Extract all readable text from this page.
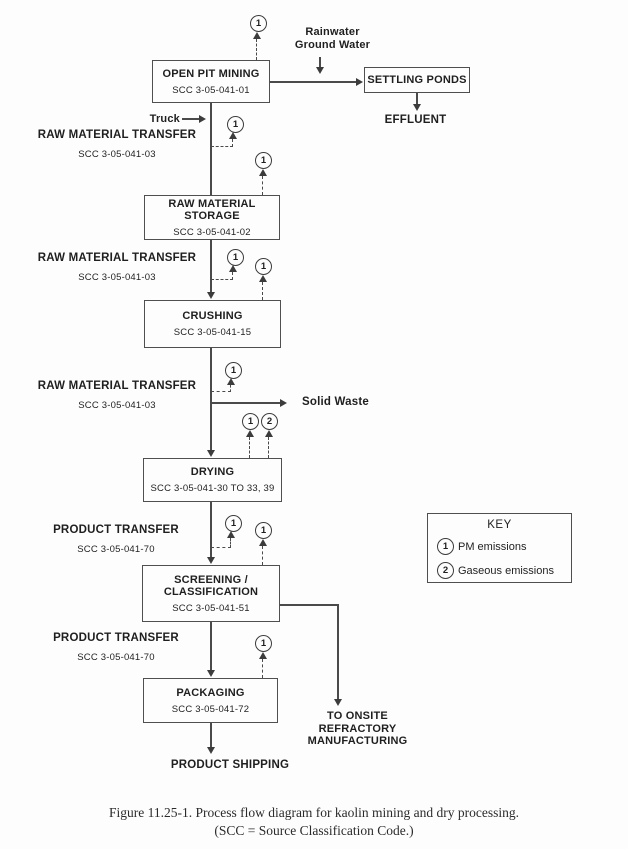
OPEN PIT MINING
SCC 3-05-041-01
SETTLING PONDS
RAW MATERIAL STORAGE
SCC 3-05-041-02
CRUSHING
SCC 3-05-041-15
DRYING
SCC 3-05-041-30 TO 33, 39
SCREENING /
CLASSIFICATION
SCC 3-05-041-51
PACKAGING
SCC 3-05-041-72
Rainwater
Ground Water
Truck
Solid Waste
TO ONSITE
REFRACTORY
MANUFACTURING
EFFLUENT
PRODUCT SHIPPING
1
1
1
1	2
1
1
1
1
1
1
RAW MATERIAL TRANSFER
SCC 3-05-041-03
RAW MATERIAL TRANSFER
SCC 3-05-041-03
RAW MATERIAL TRANSFER
SCC 3-05-041-03
PRODUCT TRANSFER
SCC 3-05-041-70
PRODUCT TRANSFER
SCC 3-05-041-70
KEY
1 PM emissions
2 Gaseous emissions
Figure 11.25-1. Process flow diagram for kaolin mining and dry processing.
(SCC = Source Classification Code.)
